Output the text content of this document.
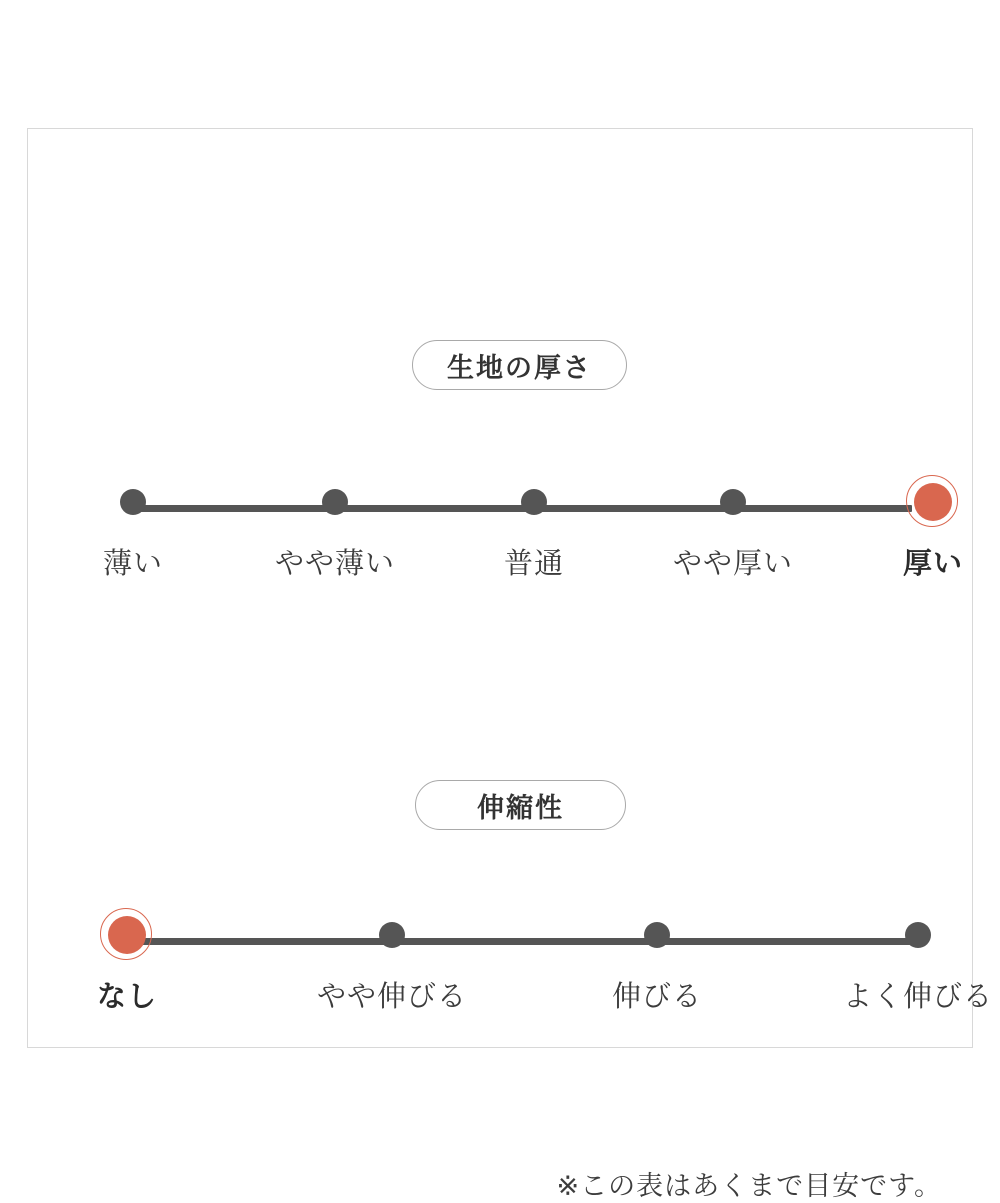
生地の厚さ
薄い	やや薄い	普通	やや厚い	厚い
伸縮性
なし	やや伸びる	伸びる	よく伸びる
※この表はあくまで目安です。
